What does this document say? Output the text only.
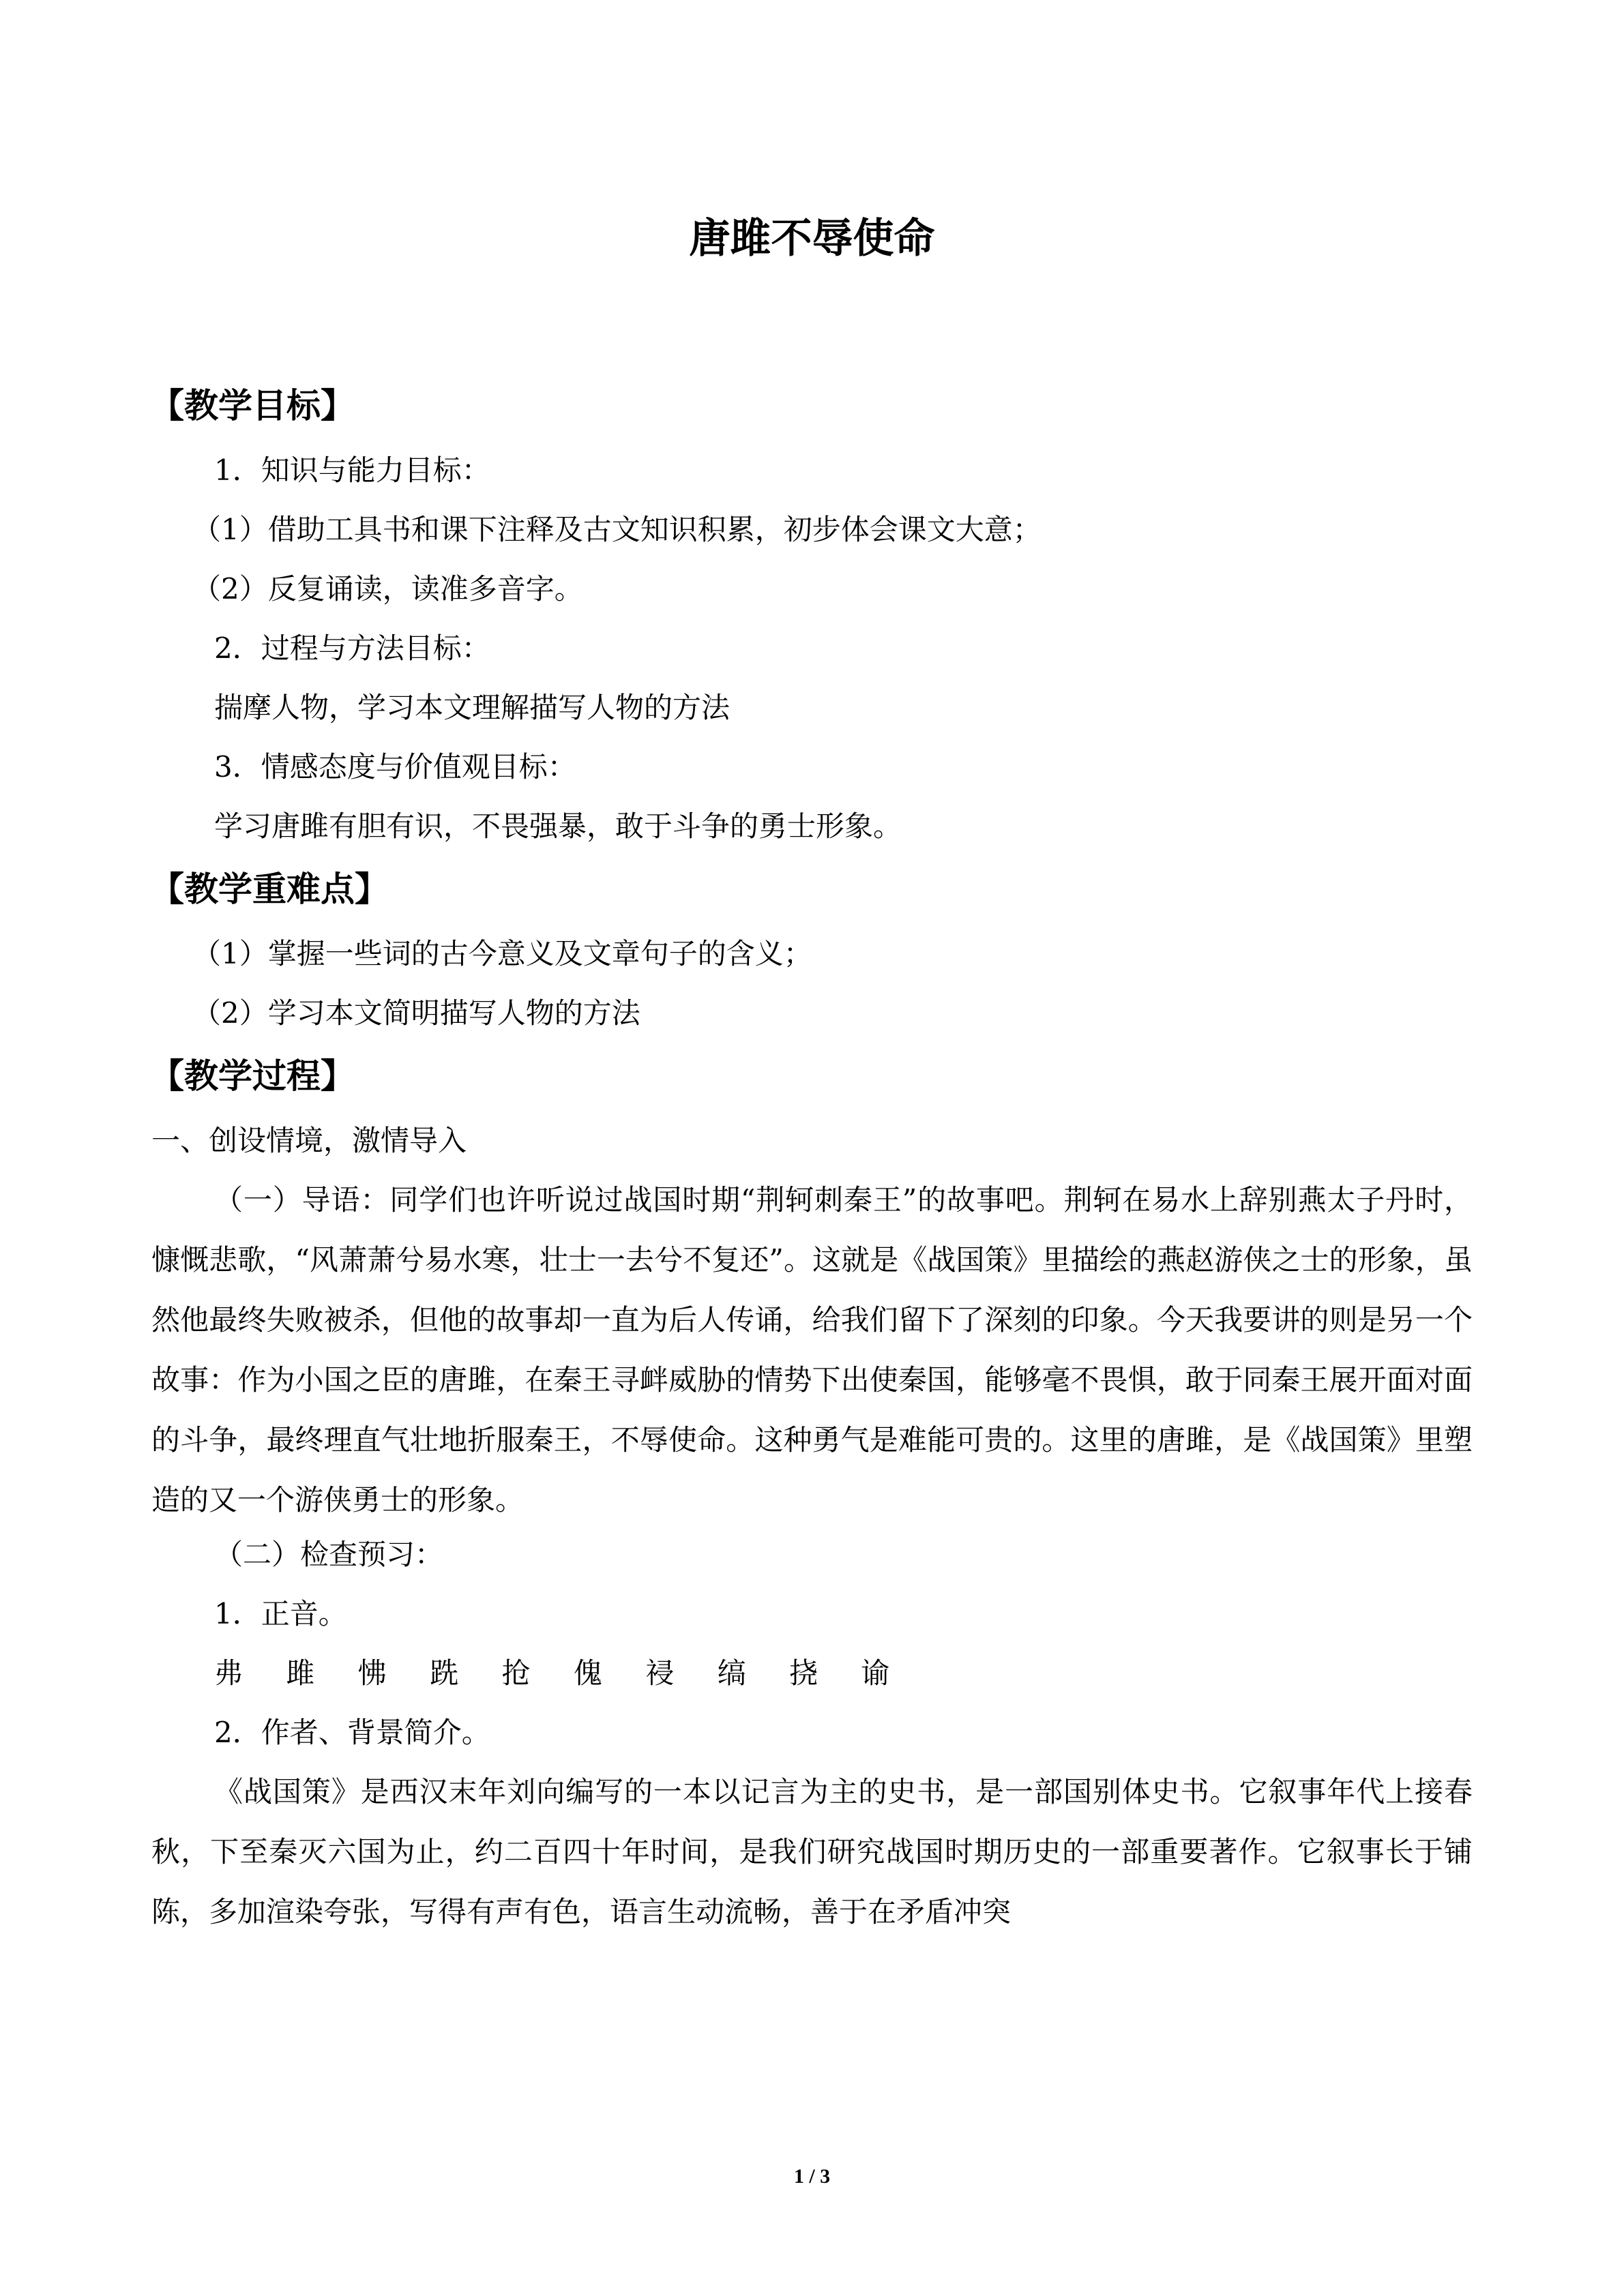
唐雎不辱使命
【教学目标】
1．知识与能力目标：
（1）借助工具书和课下注释及古文知识积累，初步体会课文大意；
（2）反复诵读，读准多音字。
2．过程与方法目标：
揣摩人物，学习本文理解描写人物的方法
3．情感态度与价值观目标：
学习唐雎有胆有识，不畏强暴，敢于斗争的勇士形象。
【教学重难点】
（1）掌握一些词的古今意义及文章句子的含义；
（2）学习本文简明描写人物的方法
【教学过程】
一、创设情境，激情导入
（一）导语：同学们也许听说过战国时期“荆轲刺秦王”的故事吧。荆轲在易水上辞别燕太子丹时，慷慨悲歌，“风萧萧兮易水寒，壮士一去兮不复还”。这就是《战国策》里描绘的燕赵游侠之士的形象，虽然他最终失败被杀，但他的故事却一直为后人传诵，给我们留下了深刻的印象。今天我要讲的则是另一个故事：作为小国之臣的唐雎，在秦王寻衅威胁的情势下出使秦国，能够毫不畏惧，敢于同秦王展开面对面的斗争，最终理直气壮地折服秦王，不辱使命。这种勇气是难能可贵的。这里的唐雎，是《战国策》里塑造的又一个游侠勇士的形象。
（二）检查预习：
1．正音。
弗 雎 怫 跣 抢 傀 祲 缟 挠 谕
2．作者、背景简介。
《战国策》是西汉末年刘向编写的一本以记言为主的史书，是一部国别体史书。它叙事年代上接春秋，下至秦灭六国为止，约二百四十年时间，是我们研究战国时期历史的一部重要著作。它叙事长于铺陈，多加渲染夸张，写得有声有色，语言生动流畅，善于在矛盾冲突
1 / 3
